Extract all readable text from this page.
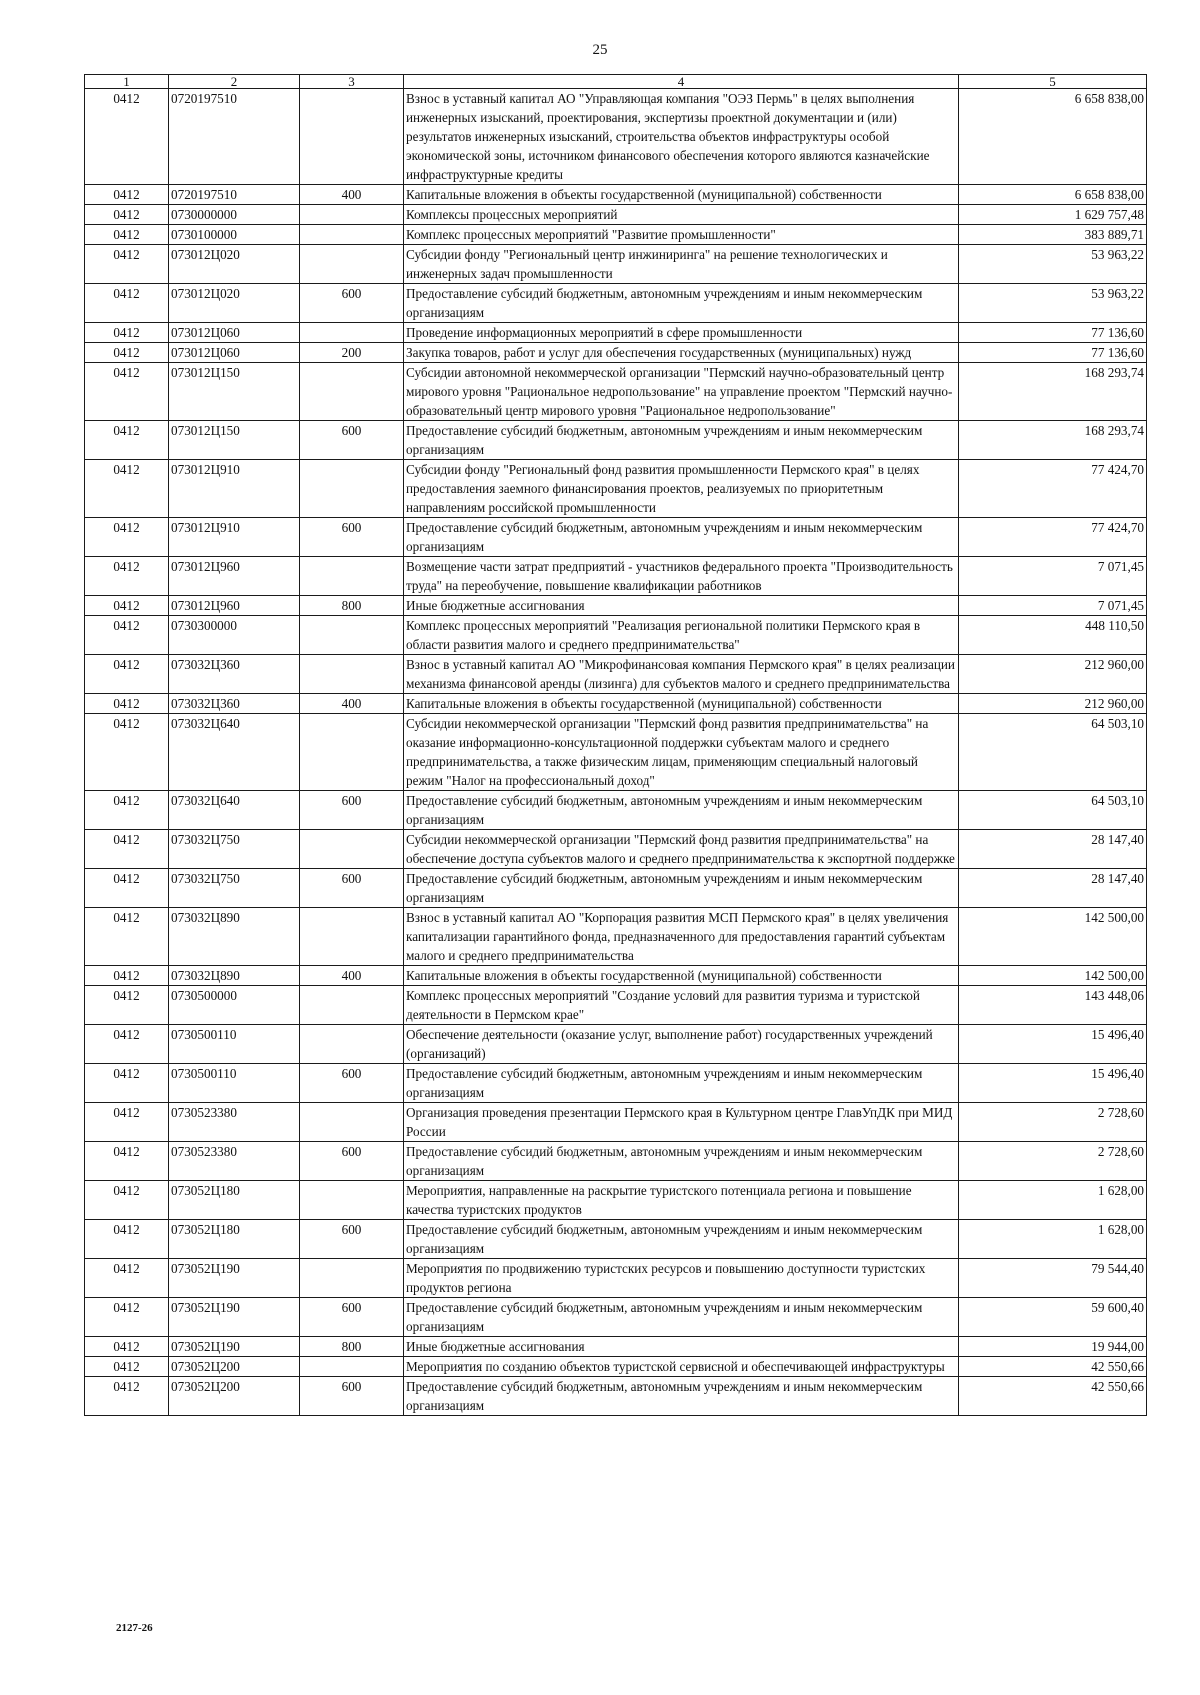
25
1	2	3	4	5
0412	0720197510		Взнос в уставный капитал АО "Управляющая компания "ОЭЗ Пермь" в целях выполнения инженерных изысканий, проектирования, экспертизы проектной документации и (или) результатов инженерных изысканий, строительства объектов инфраструктуры особой экономической зоны, источником финансового обеспечения которого являются казначейские инфраструктурные кредиты	6 658 838,00
0412	0720197510	400	Капитальные вложения в объекты государственной (муниципальной) собственности	6 658 838,00
0412	0730000000		Комплексы процессных мероприятий	1 629 757,48
0412	0730100000		Комплекс процессных мероприятий "Развитие промышленности"	383 889,71
0412	073012Ц020		Субсидии фонду "Региональный центр инжиниринга" на решение технологических и инженерных задач промышленности	53 963,22
0412	073012Ц020	600	Предоставление субсидий бюджетным, автономным учреждениям и иным некоммерческим организациям	53 963,22
0412	073012Ц060		Проведение информационных мероприятий в сфере промышленности	77 136,60
0412	073012Ц060	200	Закупка товаров, работ и услуг для обеспечения государственных (муниципальных) нужд	77 136,60
0412	073012Ц150		Субсидии автономной некоммерческой организации "Пермский научно-образовательный центр мирового уровня "Рациональное недропользование" на управление проектом "Пермский научно-образовательный центр мирового уровня "Рациональное недропользование"	168 293,74
0412	073012Ц150	600	Предоставление субсидий бюджетным, автономным учреждениям и иным некоммерческим организациям	168 293,74
0412	073012Ц910		Субсидии фонду "Региональный фонд развития промышленности Пермского края" в целях предоставления заемного финансирования проектов, реализуемых по приоритетным направлениям российской промышленности	77 424,70
0412	073012Ц910	600	Предоставление субсидий бюджетным, автономным учреждениям и иным некоммерческим организациям	77 424,70
0412	073012Ц960		Возмещение части затрат предприятий - участников федерального проекта "Производительность труда" на переобучение, повышение квалификации работников	7 071,45
0412	073012Ц960	800	Иные бюджетные ассигнования	7 071,45
0412	0730300000		Комплекс процессных мероприятий "Реализация региональной политики Пермского края в области развития малого и среднего предпринимательства"	448 110,50
0412	073032Ц360		Взнос в уставный капитал АО "Микрофинансовая компания Пермского края" в целях реализации механизма финансовой аренды (лизинга) для субъектов малого и среднего предпринимательства	212 960,00
0412	073032Ц360	400	Капитальные вложения в объекты государственной (муниципальной) собственности	212 960,00
0412	073032Ц640		Субсидии некоммерческой организации "Пермский фонд развития предпринимательства" на оказание информационно-консультационной поддержки субъектам малого и среднего предпринимательства, а также физическим лицам, применяющим специальный налоговый режим "Налог на профессиональный доход"	64 503,10
0412	073032Ц640	600	Предоставление субсидий бюджетным, автономным учреждениям и иным некоммерческим организациям	64 503,10
0412	073032Ц750		Субсидии некоммерческой организации "Пермский фонд развития предпринимательства" на обеспечение доступа субъектов малого и среднего предпринимательства к экспортной поддержке	28 147,40
0412	073032Ц750	600	Предоставление субсидий бюджетным, автономным учреждениям и иным некоммерческим организациям	28 147,40
0412	073032Ц890		Взнос в уставный капитал АО "Корпорация развития МСП Пермского края" в целях увеличения капитализации гарантийного фонда, предназначенного для предоставления гарантий субъектам малого и среднего предпринимательства	142 500,00
0412	073032Ц890	400	Капитальные вложения в объекты государственной (муниципальной) собственности	142 500,00
0412	0730500000		Комплекс процессных мероприятий "Создание условий для развития туризма и туристской деятельности в Пермском крае"	143 448,06
0412	0730500110		Обеспечение деятельности (оказание услуг, выполнение работ) государственных учреждений (организаций)	15 496,40
0412	0730500110	600	Предоставление субсидий бюджетным, автономным учреждениям и иным некоммерческим организациям	15 496,40
0412	0730523380		Организация проведения презентации Пермского края в Культурном центре ГлавУпДК при МИД России	2 728,60
0412	0730523380	600	Предоставление субсидий бюджетным, автономным учреждениям и иным некоммерческим организациям	2 728,60
0412	073052Ц180		Мероприятия, направленные на раскрытие туристского потенциала региона и повышение качества туристских продуктов	1 628,00
0412	073052Ц180	600	Предоставление субсидий бюджетным, автономным учреждениям и иным некоммерческим организациям	1 628,00
0412	073052Ц190		Мероприятия по продвижению туристских ресурсов и повышению доступности туристских продуктов региона	79 544,40
0412	073052Ц190	600	Предоставление субсидий бюджетным, автономным учреждениям и иным некоммерческим организациям	59 600,40
0412	073052Ц190	800	Иные бюджетные ассигнования	19 944,00
0412	073052Ц200		Мероприятия по созданию объектов туристской сервисной и обеспечивающей инфраструктуры	42 550,66
0412	073052Ц200	600	Предоставление субсидий бюджетным, автономным учреждениям и иным некоммерческим организациям	42 550,66
2127-26
